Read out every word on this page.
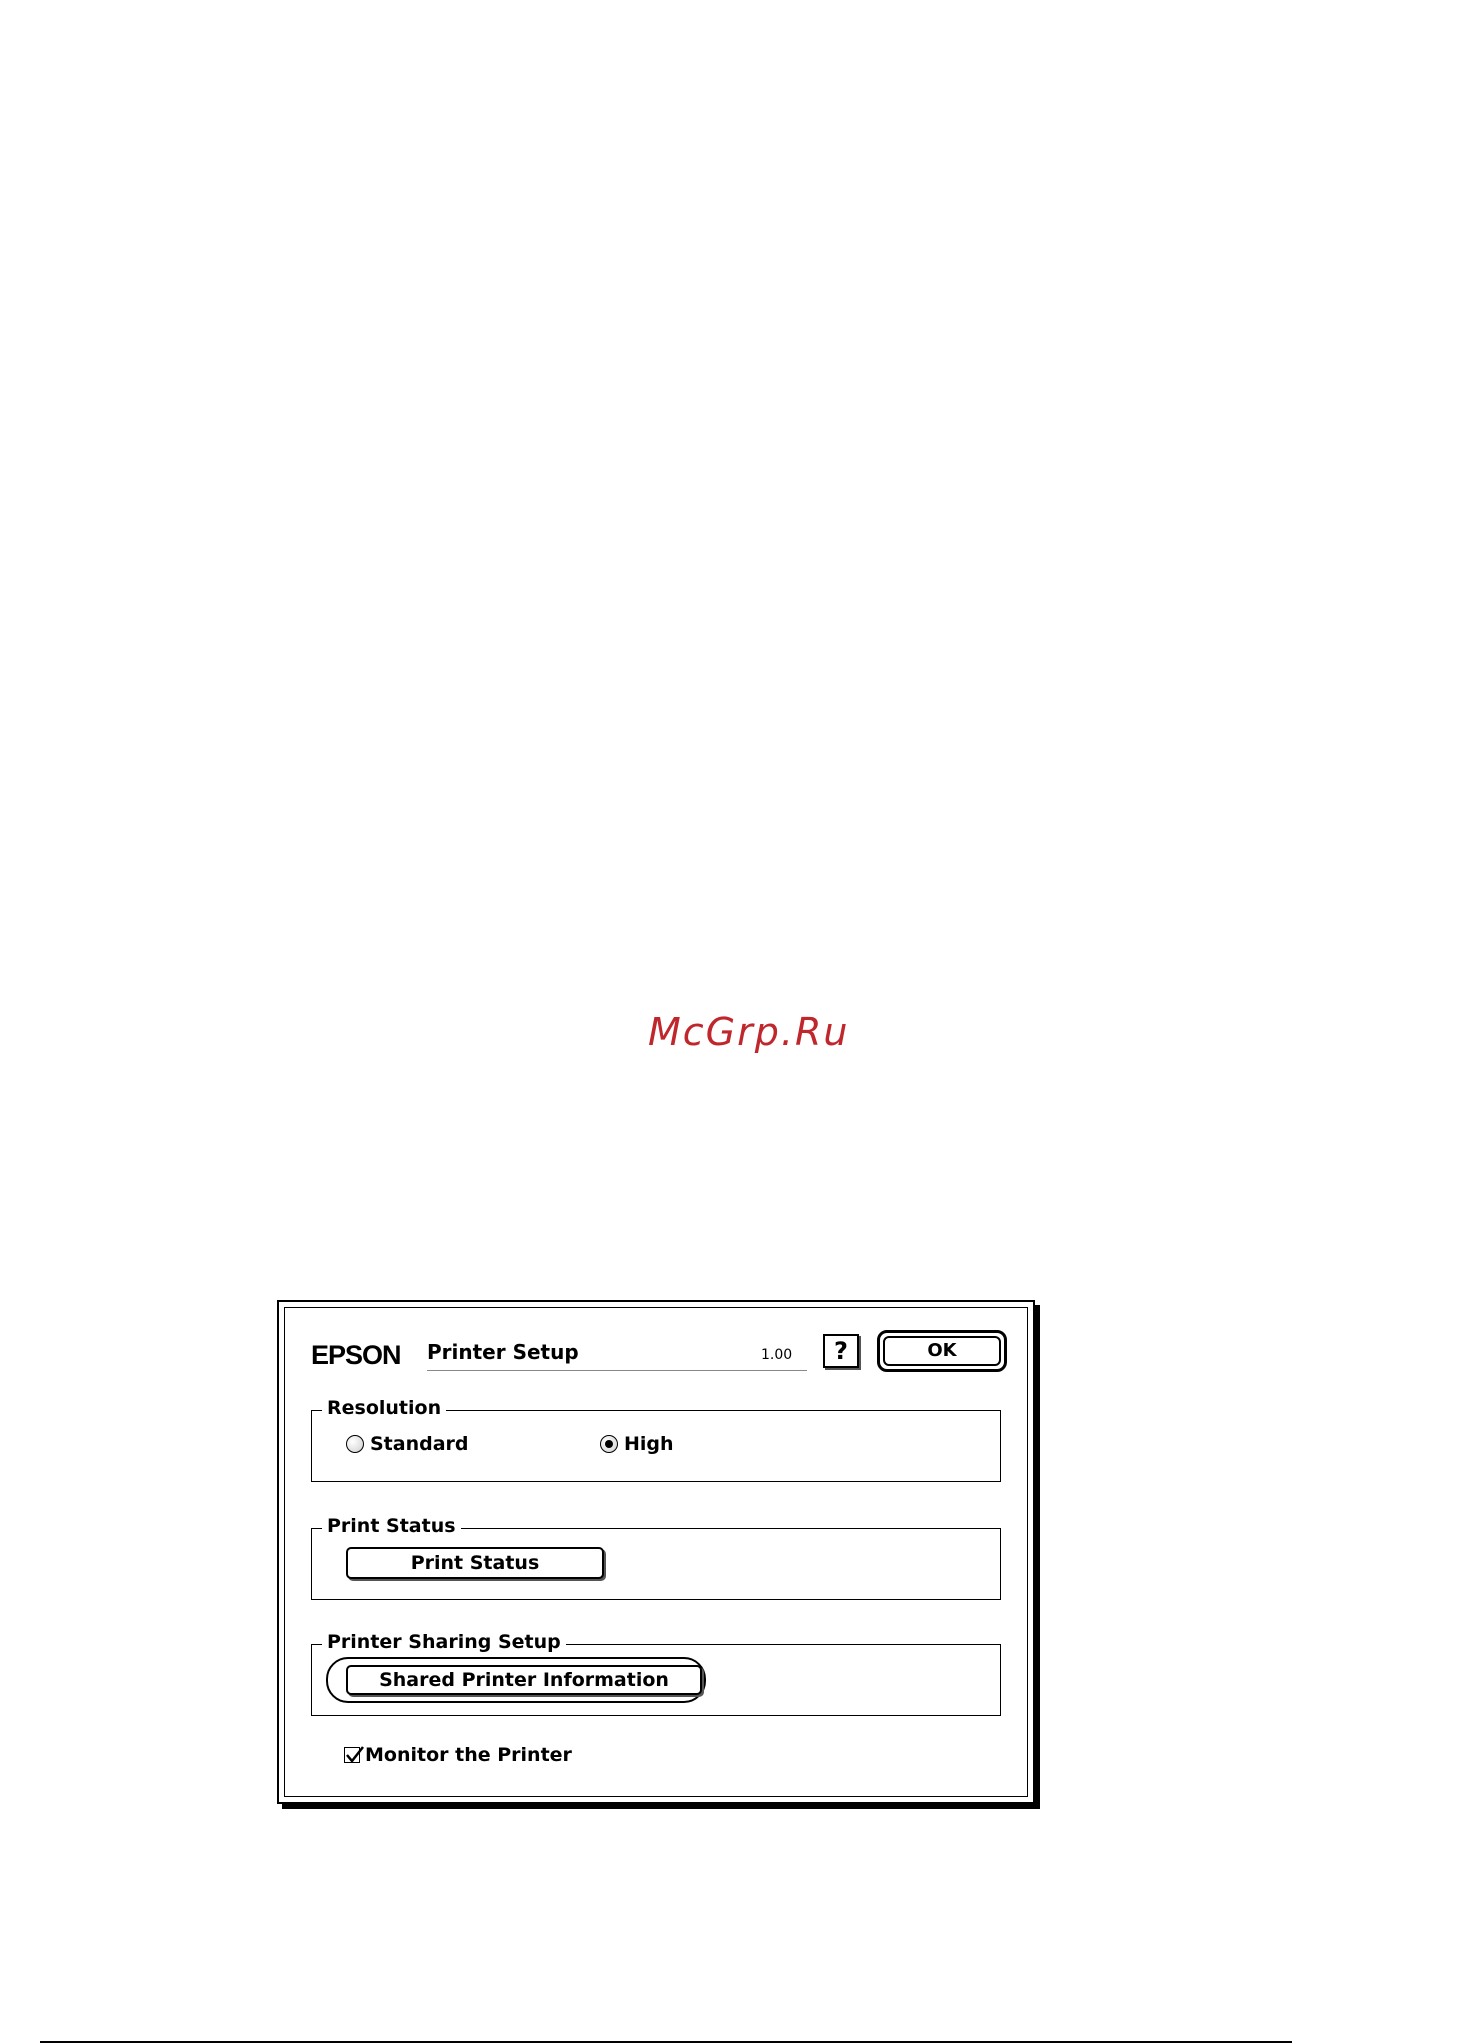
McGrp.Ru
EPSON Printer Setup	1.00	?	OK
Resolution
Standard	High
Print Status
Print Status
Printer Sharing Setup
Shared Printer Information
Monitor the Printer
